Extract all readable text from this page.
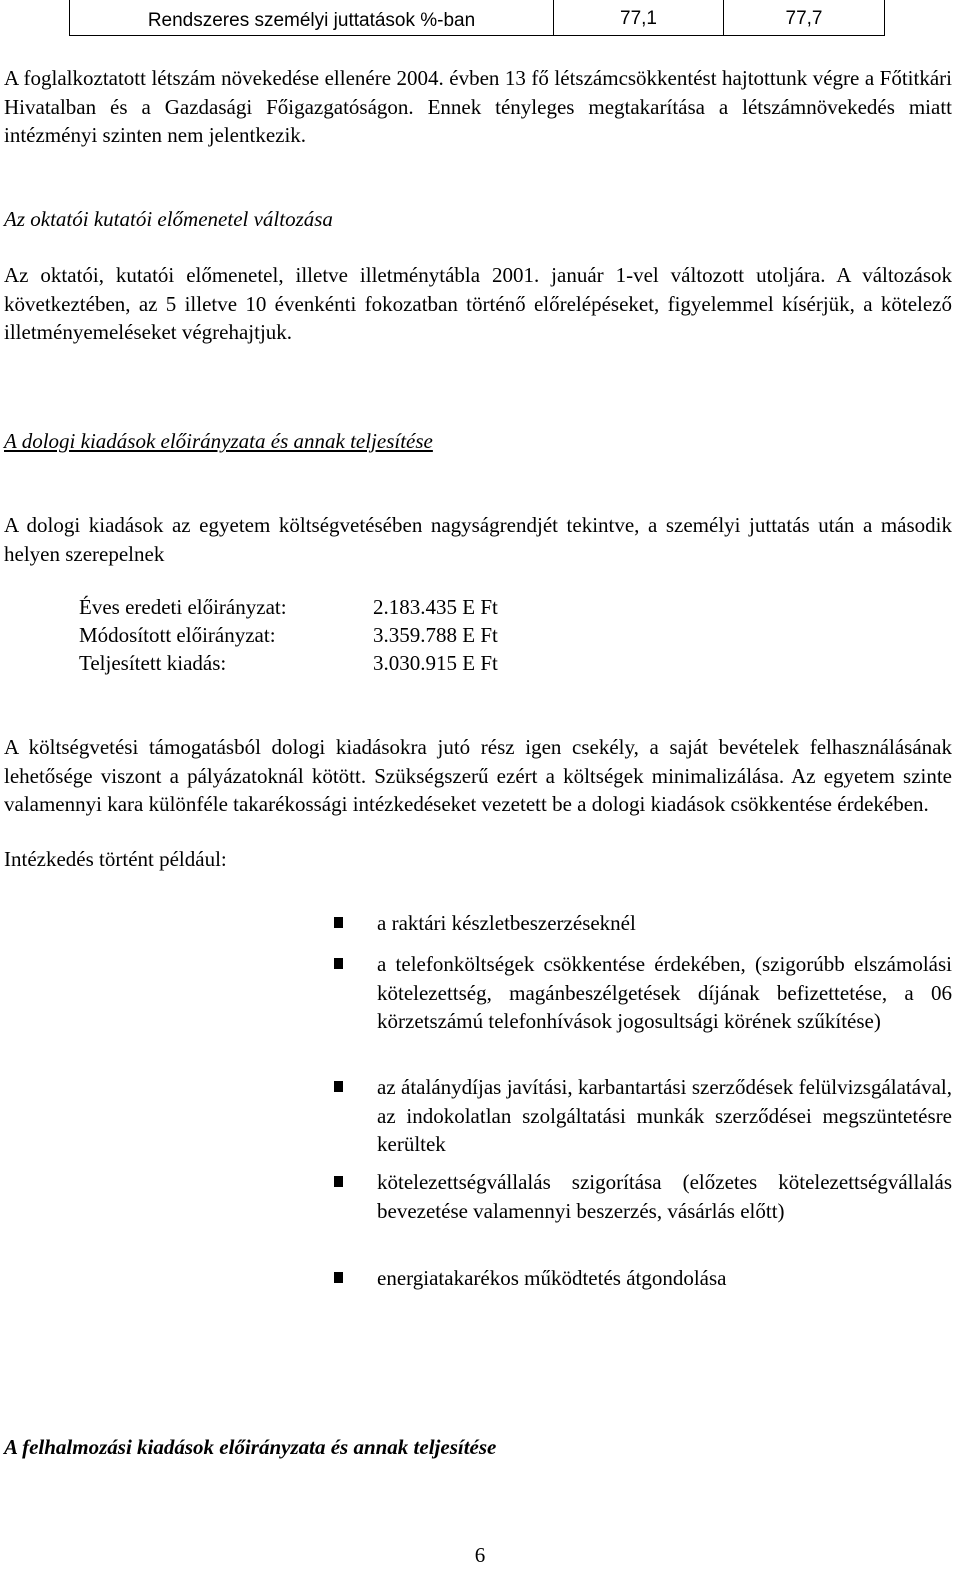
Rendszeres személyi juttatások %-ban	77,1	77,7

A foglalkoztatott létszám növekedése ellenére 2004. évben 13 fő létszámcsökkentést hajtottunk végre a Főtitkári Hivatalban és a Gazdasági Főigazgatóságon. Ennek tényleges megtakarítása a létszámnövekedés miatt intézményi szinten nem jelentkezik.

Az oktatói kutatói előmenetel változása

Az oktatói, kutatói előmenetel, illetve illetménytábla 2001. január 1-vel változott utoljára. A változások következtében, az 5 illetve 10 évenkénti fokozatban történő előrelépéseket, figyelemmel kísérjük, a kötelező illetményemeléseket végrehajtjuk.

A dologi kiadások előirányzata és annak teljesítése

A dologi kiadások az egyetem költségvetésében nagyságrendjét tekintve, a személyi juttatás után a második helyen szerepelnek

Éves eredeti előirányzat:	2.183.435 E Ft
Módosított előirányzat:	3.359.788 E Ft
Teljesített kiadás:	3.030.915 E Ft

A költségvetési támogatásból dologi kiadásokra jutó rész igen csekély, a saját bevételek felhasználásának lehetősége viszont a pályázatoknál kötött. Szükségszerű ezért a költségek minimalizálása. Az egyetem szinte valamennyi kara különféle takarékossági intézkedéseket vezetett be a dologi kiadások csökkentése érdekében.

Intézkedés történt például:

a raktári készletbeszerzéseknél
a telefonköltségek csökkentése érdekében, (szigorúbb elszámolási kötelezettség, magánbeszélgetések díjának befizettetése, a 06 körzetszámú telefonhívások jogosultsági körének szűkítése)
az átalánydíjas javítási, karbantartási szerződések felülvizsgálatával, az indokolatlan szolgáltatási munkák szerződései megszüntetésre kerültek
kötelezettségvállalás szigorítása (előzetes kötelezettségvállalás bevezetése valamennyi beszerzés, vásárlás előtt)
energiatakarékos működtetés átgondolása
A felhalmozási kiadások előirányzata és annak teljesítése
6
